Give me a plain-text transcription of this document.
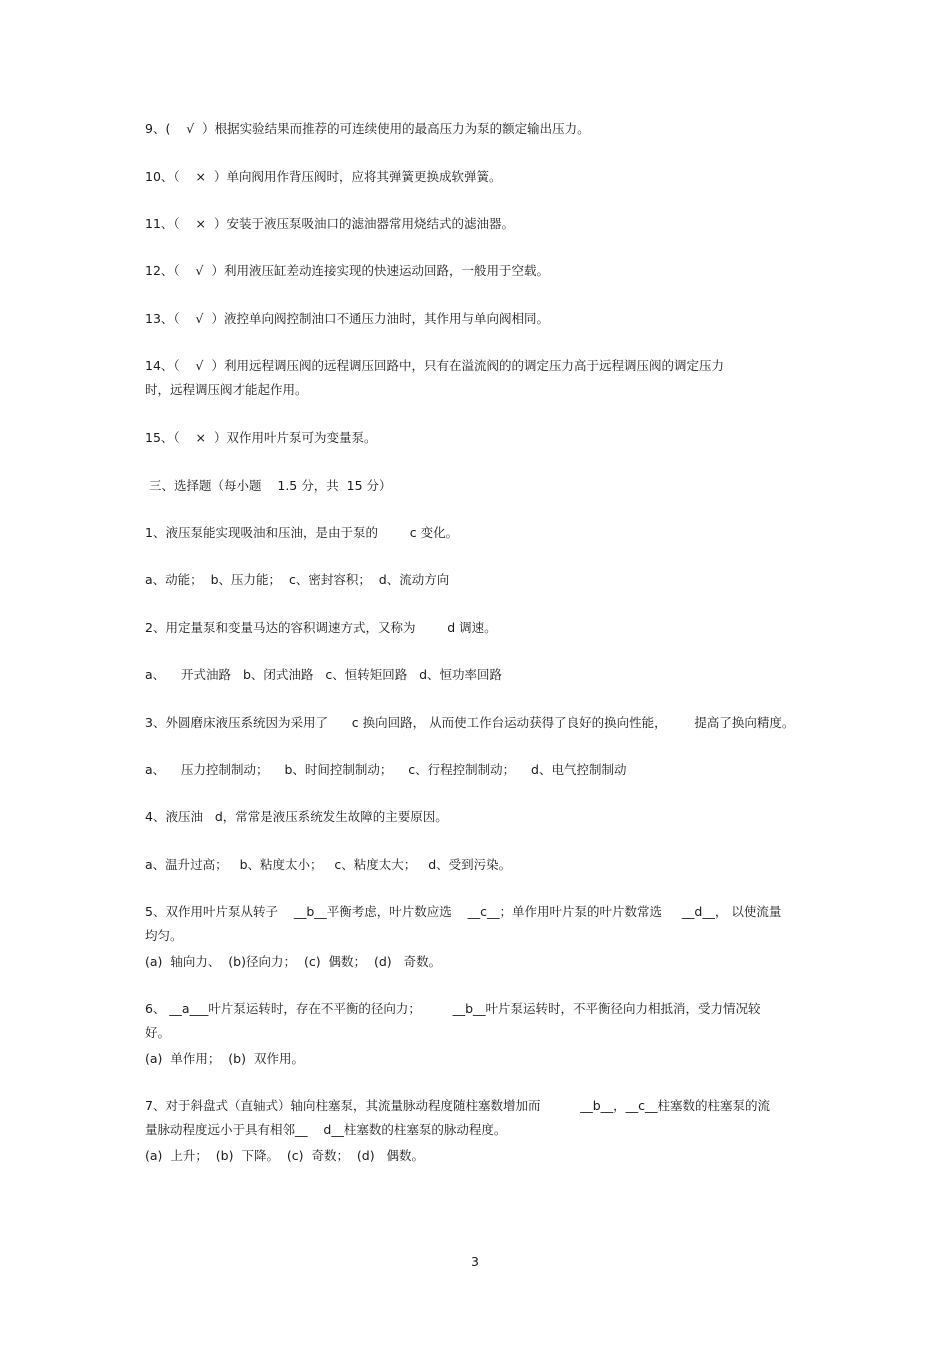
9、(    √  ）根据实验结果而推荐的可连续使用的最高压力为泵的额定输出压力。
10、（    ×  ）单向阀用作背压阀时，应将其弹簧更换成软弹簧。
11、（    ×  ）安装于液压泵吸油口的滤油器常用烧结式的滤油器。
12、（    √  ）利用液压缸差动连接实现的快速运动回路，一般用于空载。
13、（    √  ）液控单向阀控制油口不通压力油时，其作用与单向阀相同。
14、（    √  ）利用远程调压阀的远程调压回路中，只有在溢流阀的的调定压力高于远程调压阀的调定压力
时，远程调压阀才能起作用。
15、（    ×  ）双作用叶片泵可为变量泵。
三、选择题（每小题    1.5 分，共  15 分）
1、液压泵能实现吸油和压油，是由于泵的        c 变化。
a、动能；  b、压力能；  c、密封容积；  d、流动方向
2、用定量泵和变量马达的容积调速方式，又称为        d 调速。
a、    开式油路   b、闭式油路   c、恒转矩回路   d、恒功率回路
3、外圆磨床液压系统因为采用了      c 换向回路， 从而使工作台运动获得了良好的换向性能，       提高了换向精度。
a、    压力控制制动；    b、时间控制制动；    c、行程控制制动；    d、电气控制制动
4、液压油   d，常常是液压系统发生故障的主要原因。
a、温升过高；   b、粘度太小；   c、粘度太大；   d、受到污染。
5、双作用叶片泵从转子    __b__平衡考虑，叶片数应选    __c__；单作用叶片泵的叶片数常选     __d__， 以使流量
均匀。
(a)  轴向力、  (b)径向力；  (c)  偶数；  (d)   奇数。
6、 __a___叶片泵运转时，存在不平衡的径向力；        __b__叶片泵运转时，不平衡径向力相抵消，受力情况较
好。
(a)  单作用；  (b)  双作用。
7、对于斜盘式（直轴式）轴向柱塞泵，其流量脉动程度随柱塞数增加而          __b__，__c__柱塞数的柱塞泵的流
量脉动程度远小于具有相邻__    d__柱塞数的柱塞泵的脉动程度。
(a)  上升；  (b)  下降。  (c)  奇数；  (d)   偶数。
3
